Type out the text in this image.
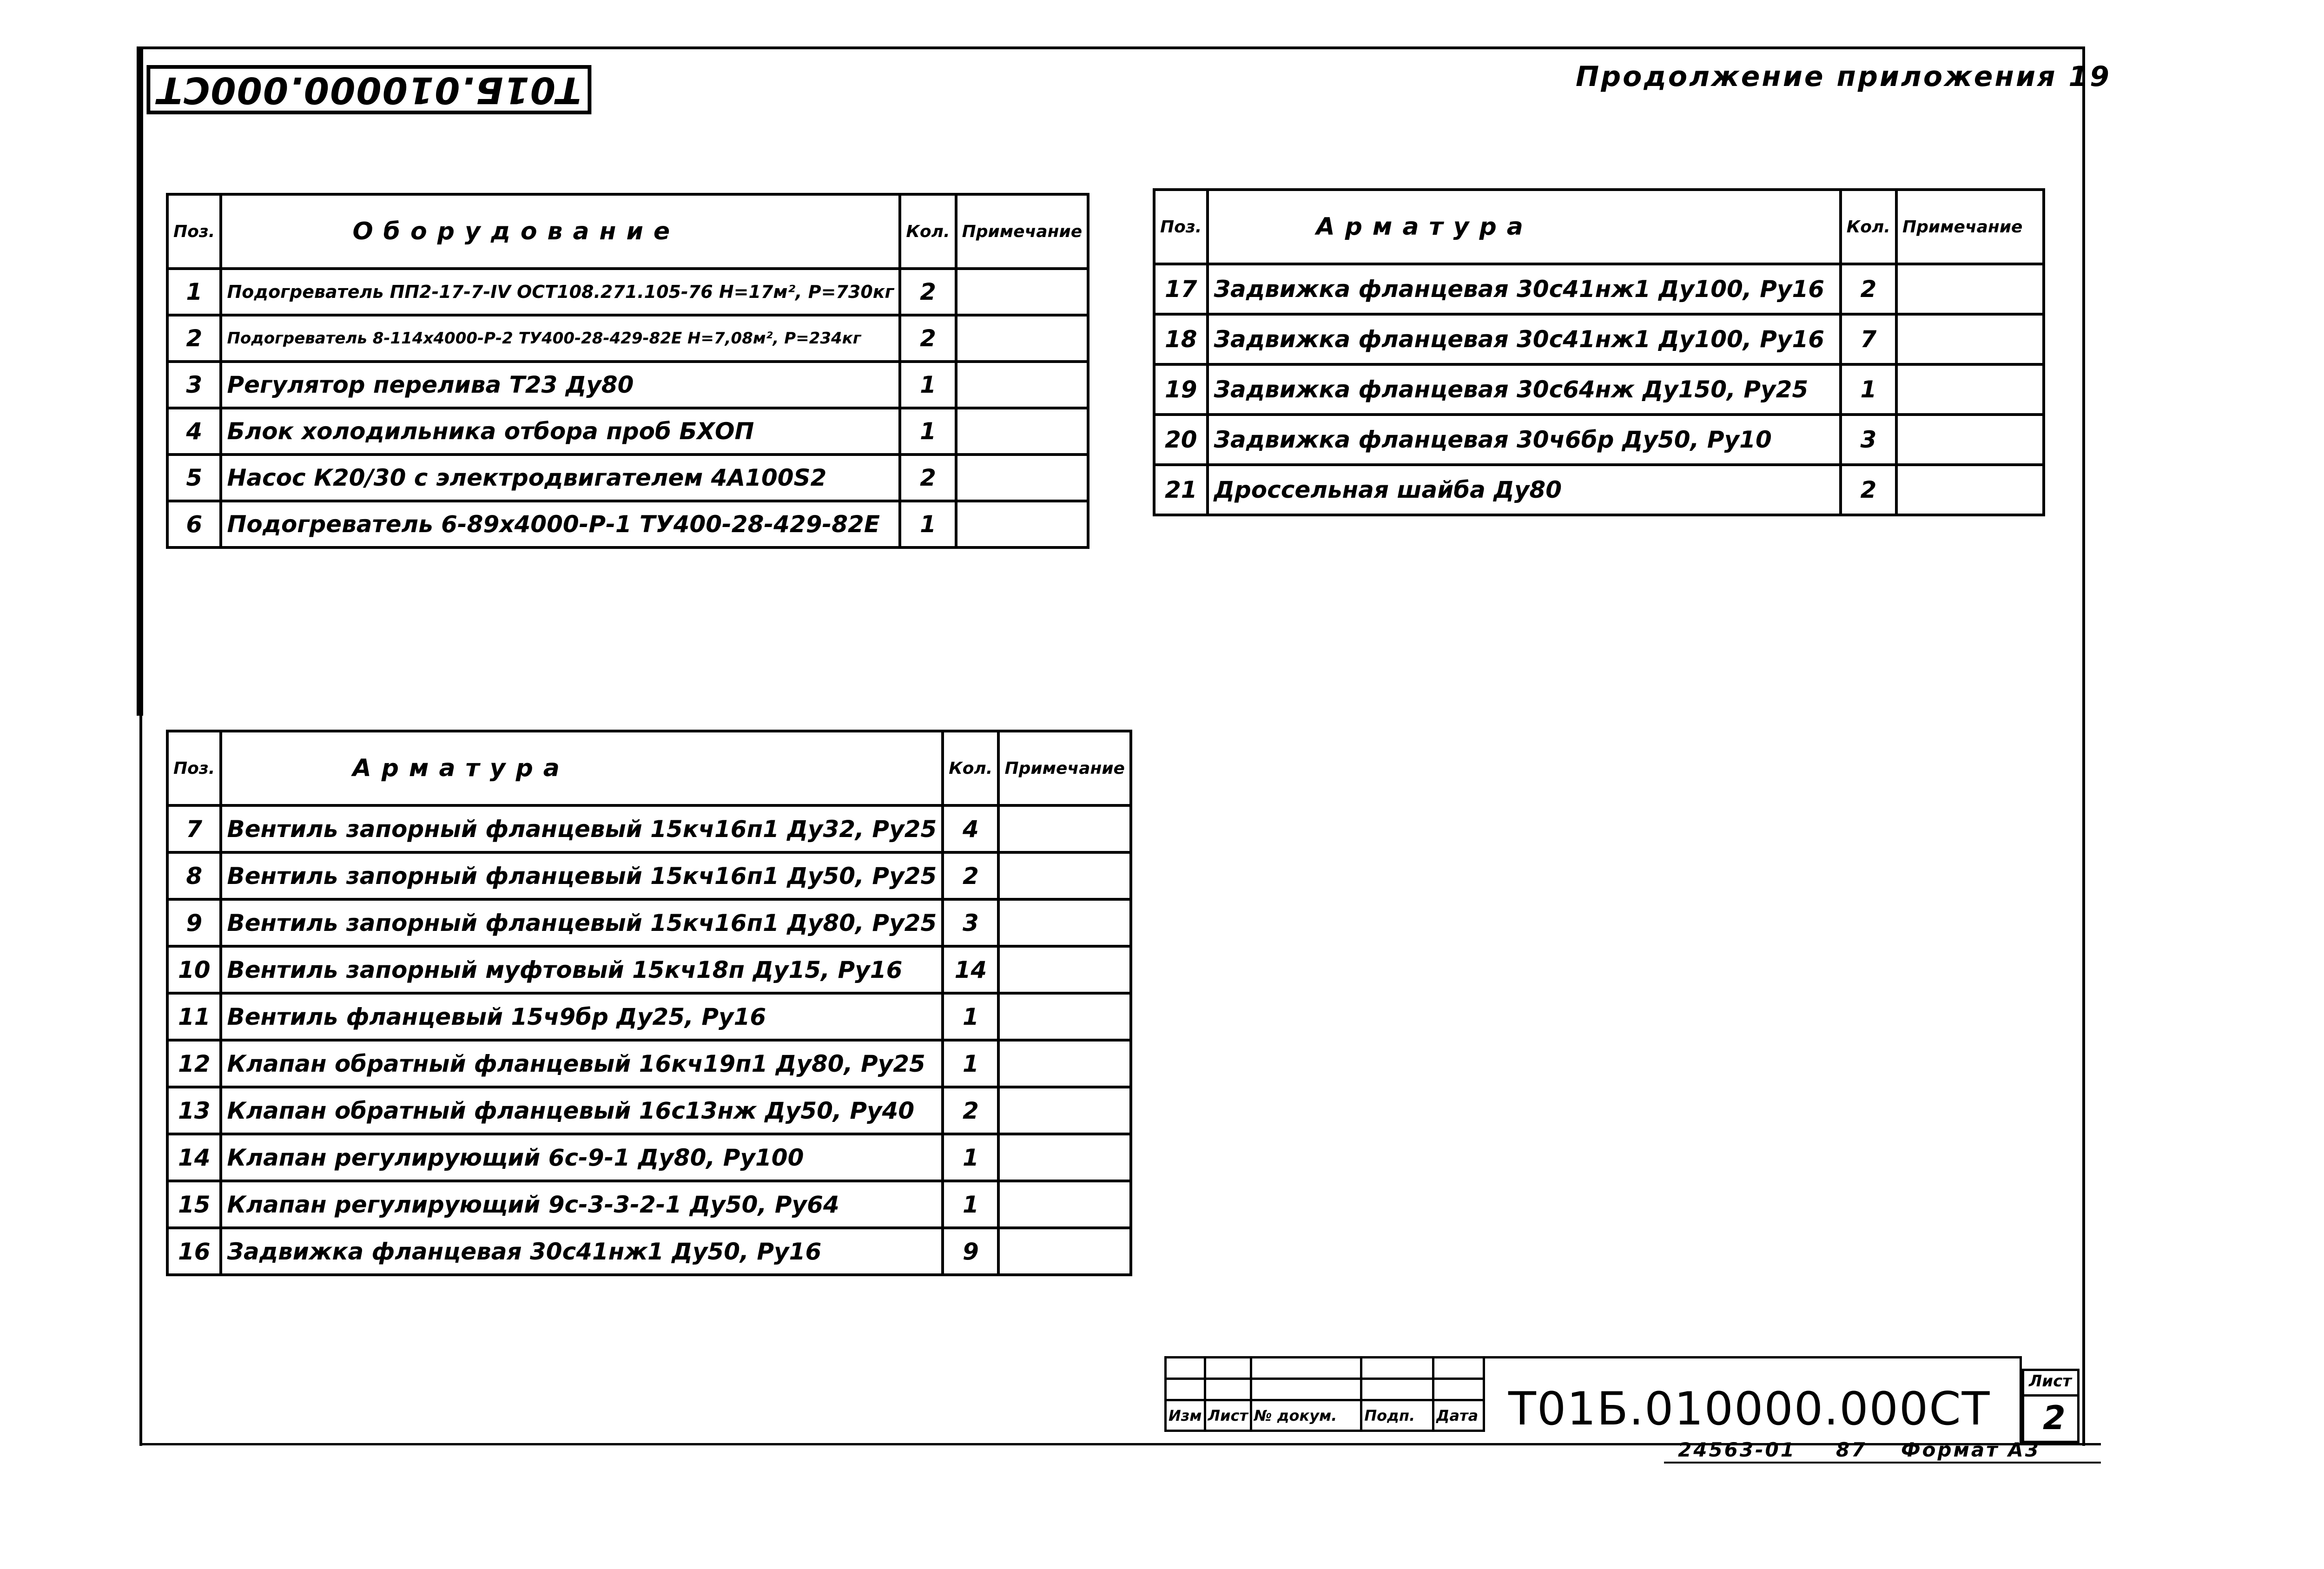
Т01Б.010000.000СТ	Продолжение приложения 19
Поз.	Оборудование	Кол.	Примечание
1	Подогреватель ПП2-17-7-IV ОСТ108.271.105-76 Н=17м², Р=730кг	2	
2	Подогреватель 8-114х4000-Р-2 ТУ400-28-429-82Е Н=7,08м², Р=234кг	2	
3	Регулятор перелива Т23 Ду80	1	
4	Блок холодильника отбора проб БХОП	1	
5	Насос К20/30 с электродвигателем 4А100S2	2	
6	Подогреватель 6-89х4000-Р-1 ТУ400-28-429-82Е	1	
Поз.	Арматура	Кол.	Примечание
7	Вентиль запорный фланцевый 15кч16п1 Ду32, Ру25	4	
8	Вентиль запорный фланцевый 15кч16п1 Ду50, Ру25	2	
9	Вентиль запорный фланцевый 15кч16п1 Ду80, Ру25	3	
10	Вентиль запорный муфтовый 15кч18п Ду15, Ру16	14	
11	Вентиль фланцевый 15ч9бр Ду25, Ру16	1	
12	Клапан обратный фланцевый 16кч19п1 Ду80, Ру25	1	
13	Клапан обратный фланцевый 16с13нж Ду50, Ру40	2	
14	Клапан регулирующий 6с-9-1 Ду80, Ру100	1	
15	Клапан регулирующий 9с-3-3-2-1 Ду50, Ру64	1	
16	Задвижка фланцевая 30с41нж1 Ду50, Ру16	9	
Поз.	Арматура	Кол.	Примечание
17	Задвижка фланцевая 30с41нж1 Ду100, Ру16	2	
18	Задвижка фланцевая 30с41нж1 Ду100, Ру16	7	
19	Задвижка фланцевая 30с64нж Ду150, Ру25	1	
20	Задвижка фланцевая 30ч6бр Ду50, Ру10	3	
21	Дроссельная шайба Ду80	2	

Изм	Лист	№ докум.	Подп.	Дата Т01Б.010000.000СТ
Лист
2
24563-01 87 Формат А3
